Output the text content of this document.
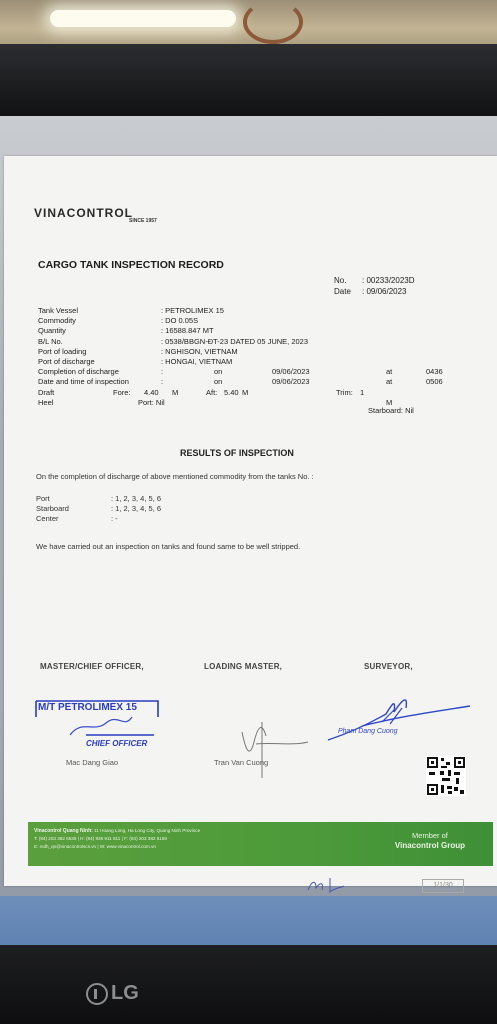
VINACONTROL
SINCE 1957
CARGO TANK INSPECTION RECORD
No. : 00233/2023D
Date : 09/06/2023
Tank Vessel	: PETROLIMEX 15
Commodity	: DO 0.05S
Quantity	: 16588.847 MT
B/L No.	: 0538/BBGN-ĐT-23 DATED 05 JUNE, 2023
Port of loading	: NGHISON, VIETNAM
Port of discharge	: HONGAI, VIETNAM
Completion of discharge	:	on	09/06/2023	at	0436
Date and time of inspection	:	on	09/06/2023	at	0506
Draft	Fore: 4.40 M	Aft: 5.40 M	Trim: 1
Heel	Port: Nil	M
Starboard: Nil
RESULTS OF INSPECTION
On the completion of discharge of above mentioned commodity from the tanks No. :
Port	: 1, 2, 3, 4, 5, 6
Starboard	: 1, 2, 3, 4, 5, 6
Center	: -
We have carried out an inspection on tanks and found same to be well stripped.
MASTER/CHIEF OFFICER,	LOADING MASTER,	SURVEYOR,
M/T PETROLIMEX 15
CHIEF OFFICER
Pham Dang Cuong
Mac Dang Giao	Tran Van Cuong
Vinacontrol Quang Ninh: 11 Hoang Long, Ha Long City, Quang Ninh Province
T: (84) 203 382 5535 | H: (84) 936 911 811 | F: (84) 203 382 6169
E: mdh_qn@vinacontrolscs.vn | W: www.vinacontrol.com.vn
Member of
Vinacontrol Group
1/1/30
LG
